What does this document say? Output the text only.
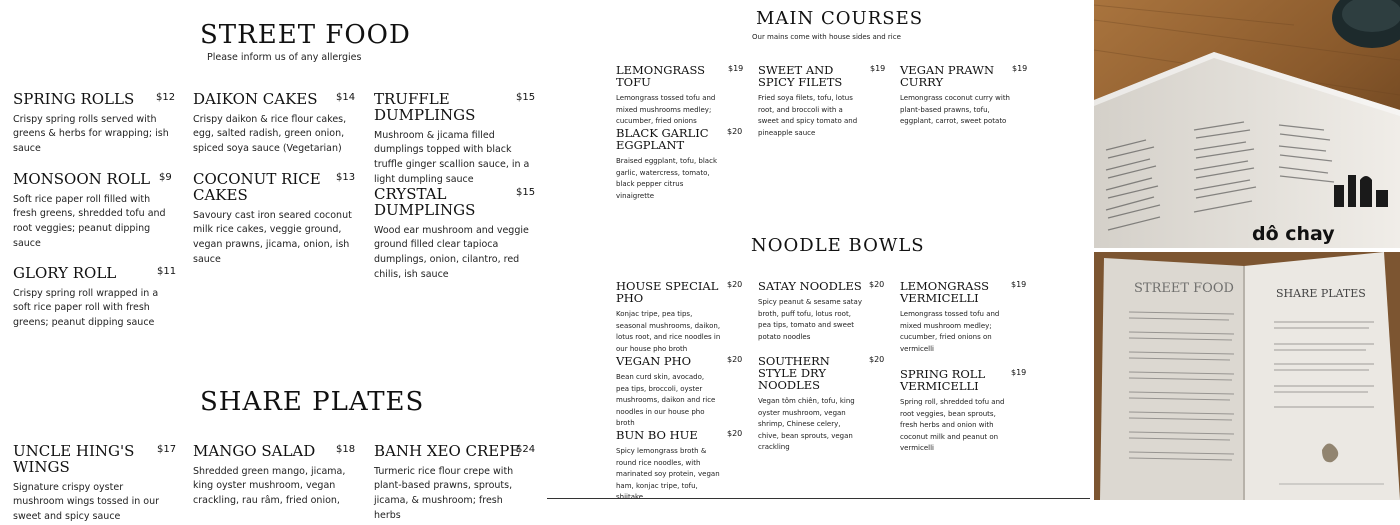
STREET FOOD
Please inform us of any allergies
SPRING ROLLS	$12
Crispy spring rolls served with greens & herbs for wrapping; ish sauce
DAIKON CAKES	$14
Crispy daikon & rice flour cakes, egg, salted radish, green onion, spiced soya sauce (Vegetarian)
TRUFFLE DUMPLINGS
$15
Mushroom & jicama filled dumplings topped with black truffle ginger scallion sauce, in a light dumpling sauce
MONSOON ROLL $9
Soft rice paper roll filled with fresh greens, shredded tofu and root veggies; peanut dipping sauce
COCONUT RICE CAKES
$13
Savoury cast iron seared coconut milk rice cakes, veggie ground, vegan prawns, jicama, onion, ish sauce
CRYSTAL DUMPLINGS
$15
Wood ear mushroom and veggie ground filled clear tapioca dumplings, onion, cilantro, red chilis, ish sauce
GLORY ROLL	$11
Crispy spring roll wrapped in a soft rice paper roll with fresh greens; peanut dipping sauce
SHARE PLATES
UNCLE HING'S WINGS
$17
Signature crispy oyster mushroom wings tossed in our sweet and spicy sauce
MANGO SALAD	$18
Shredded green mango, jicama, king oyster mushroom, vegan crackling, rau râm, fried onion,
BANH XEO CREPE
$24
Turmeric rice flour crepe with plant-based prawns, sprouts, jicama, & mushroom; fresh herbs
MAIN COURSES
Our mains come with house sides and rice
LEMONGRASS TOFU
$19
Lemongrass tossed tofu and mixed mushrooms medley; cucumber, fried onions
SWEET AND SPICY FILETS
$19
Fried soya filets, tofu, lotus root, and broccoli with a sweet and spicy tomato and pineapple sauce
VEGAN PRAWN CURRY
$19
Lemongrass coconut curry with plant-based prawns, tofu, eggplant, carrot, sweet potato
BLACK GARLIC EGGPLANT
$20
Braised eggplant, tofu, black garlic, watercress, tomato, black pepper citrus vinaigrette
NOODLE BOWLS
HOUSE SPECIAL PHO
$20
Konjac tripe, pea tips, seasonal mushrooms, daikon, lotus root, and rice noodles in our house pho broth
SATAY NOODLES $20
Spicy peanut & sesame satay broth, puff tofu, lotus root, pea tips, tomato and sweet potato noodles
LEMONGRASS VERMICELLI
$19
Lemongrass tossed tofu and mixed mushroom medley; cucumber, fried onions on vermicelli
VEGAN PHO	$20
Bean curd skin, avocado, pea tips, broccoli, oyster mushrooms, daikon and rice noodles in our house pho broth
SOUTHERN STYLE DRY NOODLES
$20
Vegan tôm chiên, tofu, king oyster mushroom, vegan shrimp, Chinese celery, chive, bean sprouts, vegan crackling
SPRING ROLL VERMICELLI
$19
Spring roll, shredded tofu and root veggies, bean sprouts, fresh herbs and onion with coconut milk and peanut on vermicelli
BUN BO HUE	$20
Spicy lemongrass broth & round rice noodles, with marinated soy protein, vegan ham, konjac tripe, tofu,
dô chay
STREET FOOD	SHARE PLATES
